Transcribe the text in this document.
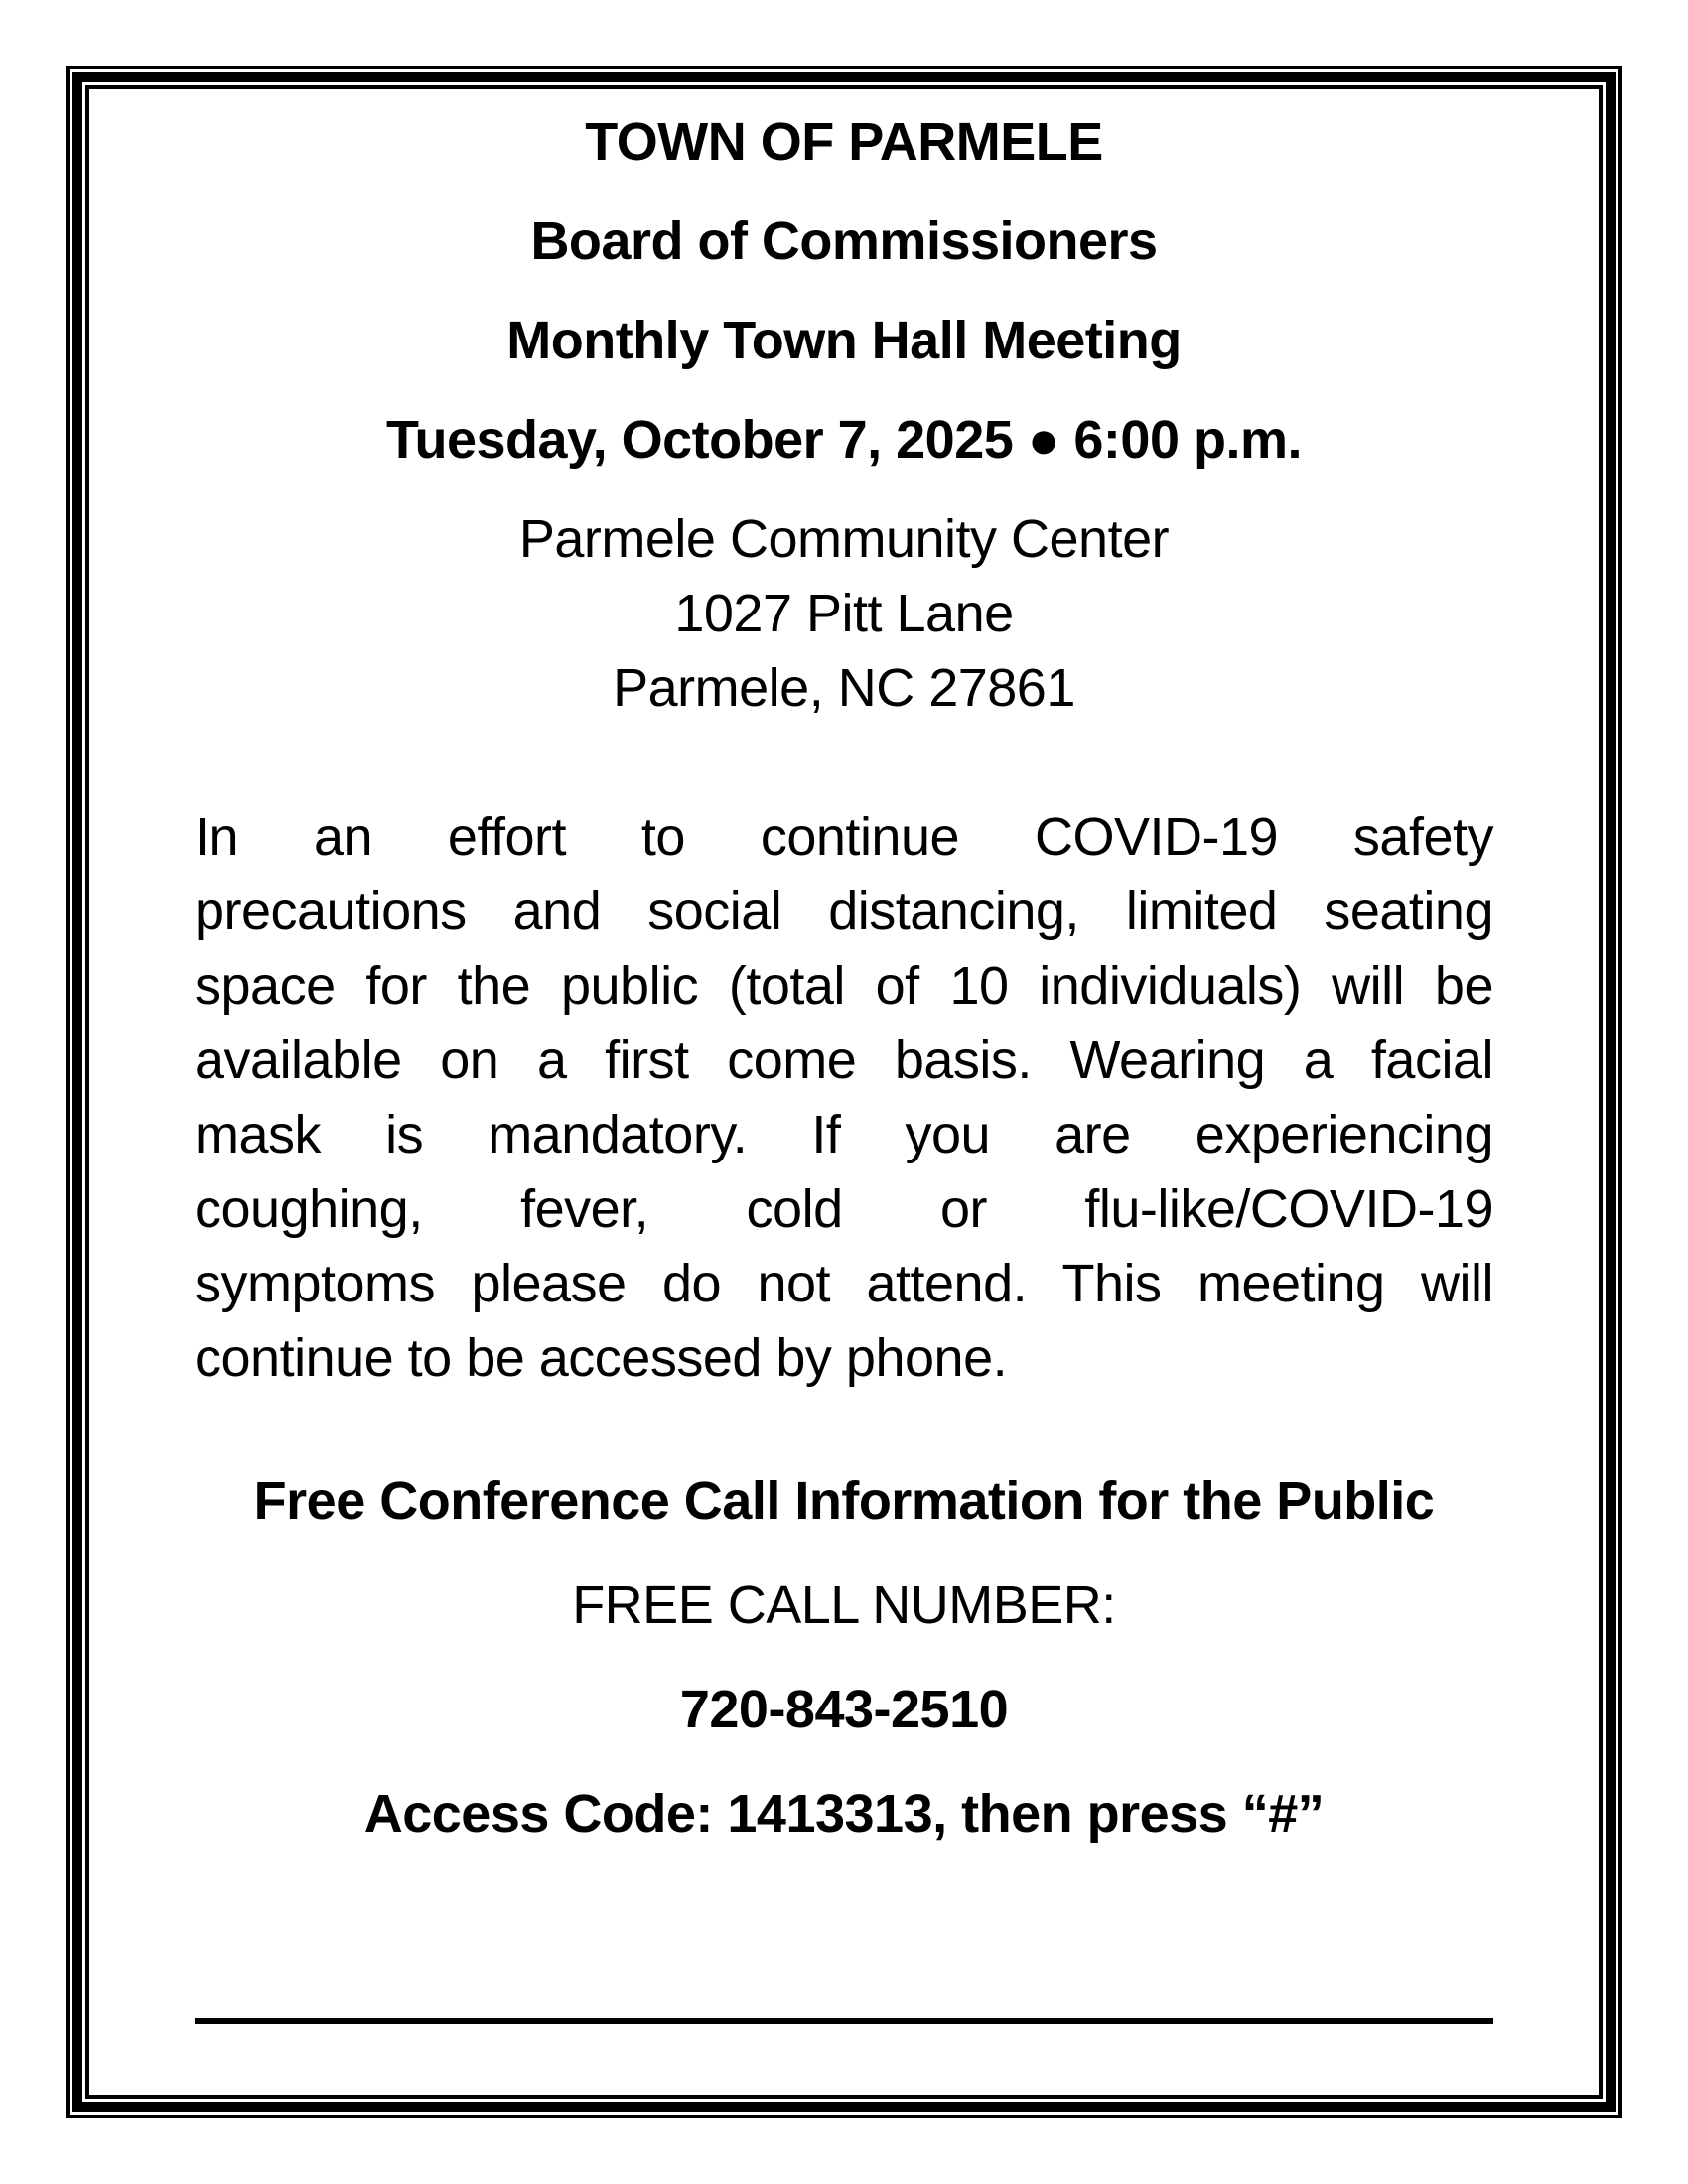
TOWN OF PARMELE
Board of Commissioners
Monthly Town Hall Meeting
Tuesday, October 7, 2025 ● 6:00 p.m.
Parmele Community Center
1027 Pitt Lane
Parmele, NC 27861
In an effort to continue COVID-19 safety
precautions and social distancing, limited seating
space for the public (total of 10 individuals) will be
available on a first come basis. Wearing a facial
mask is mandatory. If you are experiencing
coughing, fever, cold or flu-like/COVID-19
symptoms please do not attend. This meeting will
continue to be accessed by phone.
Free Conference Call Information for the Public
FREE CALL NUMBER:
720-843-2510
Access Code: 1413313, then press “#”
